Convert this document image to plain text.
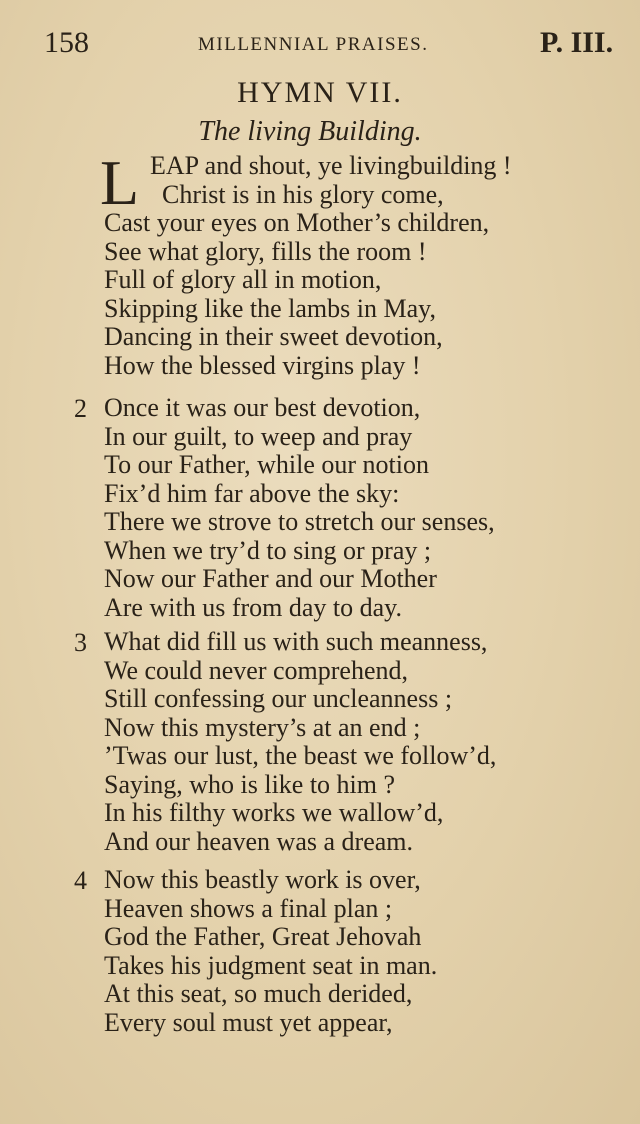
158	MILLENNIAL PRAISES.	P. III.
HYMN VII.
The living Building.
L EAP and shout, ye livingbuilding !
Christ is in his glory come,
Cast your eyes on Mother’s children,
See what glory, fills the room !
Full of glory all in motion,
Skipping like the lambs in May,
Dancing in their sweet devotion,
How the blessed virgins play !
2 Once it was our best devotion,
In our guilt, to weep and pray
To our Father, while our notion
Fix’d him far above the sky:
There we strove to stretch our senses,
When we try’d to sing or pray ;
Now our Father and our Mother
Are with us from day to day.
3 What did fill us with such meanness,
We could never comprehend,
Still confessing our uncleanness ;
Now this mystery’s at an end ;
’Twas our lust, the beast we follow’d,
Saying, who is like to him ?
In his filthy works we wallow’d,
And our heaven was a dream.
4 Now this beastly work is over,
Heaven shows a final plan ;
God the Father, Great Jehovah
Takes his judgment seat in man.
At this seat, so much derided,
Every soul must yet appear,
